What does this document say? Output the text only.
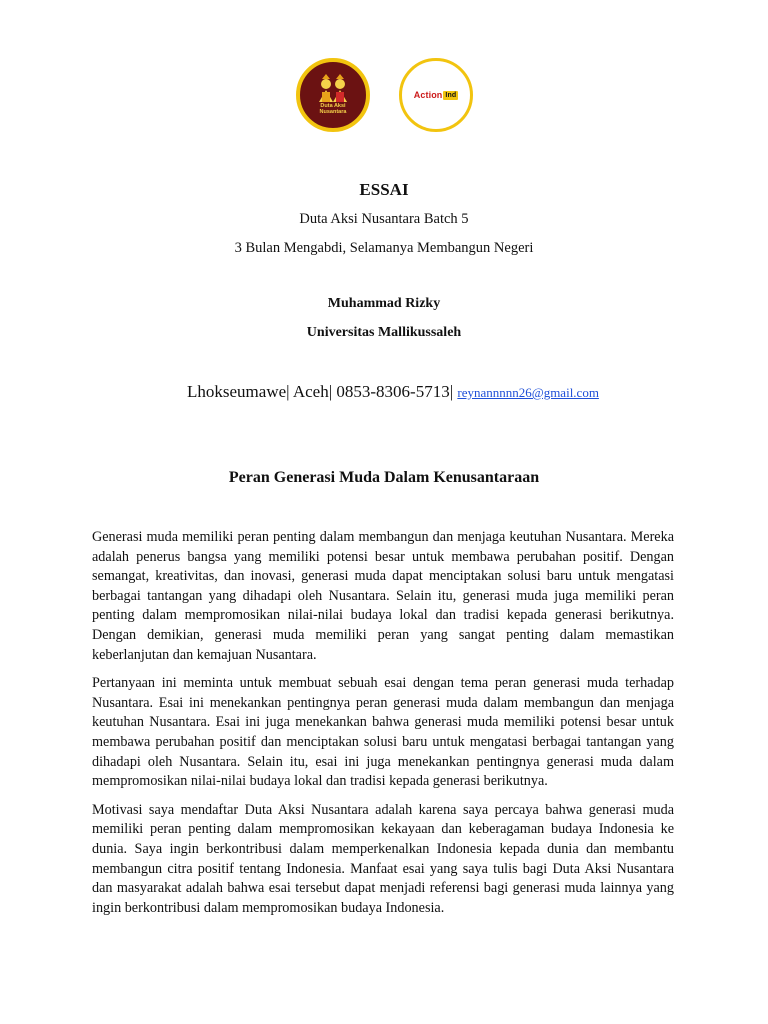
Duta Aksi
Nusantara
Action Ind
ESSAI
Duta Aksi Nusantara Batch 5
3 Bulan Mengabdi, Selamanya Membangun Negeri
Muhammad Rizky
Universitas Mallikussaleh
Lhokseumawe| Aceh| 0853-8306-5713| reynannnnn26@gmail.com
Peran Generasi Muda Dalam Kenusantaraan

Generasi muda memiliki peran penting dalam membangun dan menjaga keutuhan Nusantara. Mereka adalah penerus bangsa yang memiliki potensi besar untuk membawa perubahan positif. Dengan semangat, kreativitas, dan inovasi, generasi muda dapat menciptakan solusi baru untuk mengatasi berbagai tantangan yang dihadapi oleh Nusantara. Selain itu, generasi muda juga memiliki peran penting dalam mempromosikan nilai-nilai budaya lokal dan tradisi kepada generasi berikutnya. Dengan demikian, generasi muda memiliki peran yang sangat penting dalam memastikan keberlanjutan dan kemajuan Nusantara.

Pertanyaan ini meminta untuk membuat sebuah esai dengan tema peran generasi muda terhadap Nusantara. Esai ini menekankan pentingnya peran generasi muda dalam membangun dan menjaga keutuhan Nusantara. Esai ini juga menekankan bahwa generasi muda memiliki potensi besar untuk membawa perubahan positif dan menciptakan solusi baru untuk mengatasi berbagai tantangan yang dihadapi oleh Nusantara. Selain itu, esai ini juga menekankan pentingnya generasi muda dalam mempromosikan nilai-nilai budaya lokal dan tradisi kepada generasi berikutnya.

Motivasi saya mendaftar Duta Aksi Nusantara adalah karena saya percaya bahwa generasi muda memiliki peran penting dalam mempromosikan kekayaan dan keberagaman budaya Indonesia ke dunia. Saya ingin berkontribusi dalam memperkenalkan Indonesia kepada dunia dan membantu membangun citra positif tentang Indonesia. Manfaat esai yang saya tulis bagi Duta Aksi Nusantara dan masyarakat adalah bahwa esai tersebut dapat menjadi referensi bagi generasi muda lainnya yang ingin berkontribusi dalam mempromosikan budaya Indonesia.
